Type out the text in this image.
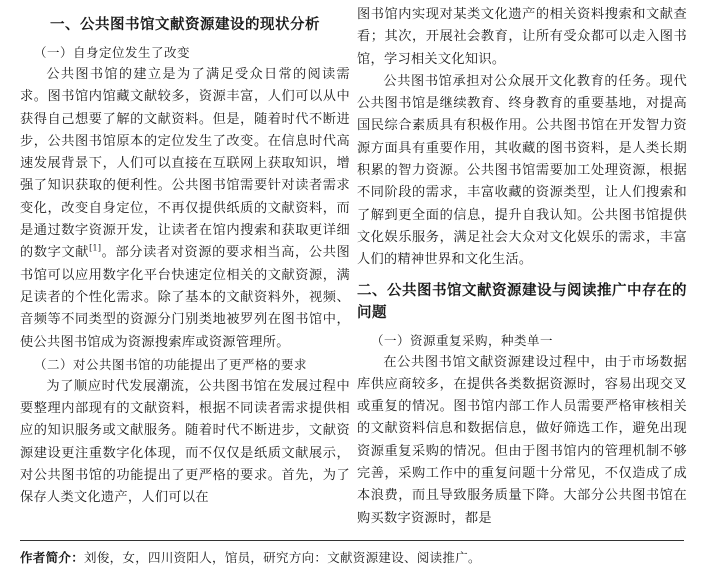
一、公共图书馆文献资源建设的现状分析
（一）自身定位发生了改变

公共图书馆的建立是为了满足受众日常的阅读需求。图书馆内馆藏文献较多，资源丰富，人们可以从中获得自己想要了解的文献资料。但是，随着时代不断进步，公共图书馆原本的定位发生了改变。在信息时代高速发展背景下，人们可以直接在互联网上获取知识，增强了知识获取的便利性。公共图书馆需要针对读者需求变化，改变自身定位，不再仅提供纸质的文献资料，而是通过数字资源开发，让读者在馆内搜索和获取更详细的数字文献[1]。部分读者对资源的要求相当高，公共图书馆可以应用数字化平台快速定位相关的文献资源，满足读者的个性化需求。除了基本的文献资料外，视频、音频等不同类型的资源分门别类地被罗列在图书馆中，使公共图书馆成为资源搜索库或资源管理所。

（二）对公共图书馆的功能提出了更严格的要求

为了顺应时代发展潮流，公共图书馆在发展过程中要整理内部现有的文献资料，根据不同读者需求提供相应的知识服务或文献服务。随着时代不断进步，文献资源建设更注重数字化体现，而不仅仅是纸质文献展示，对公共图书馆的功能提出了更严格的要求。首先，为了保存人类文化遗产，人们可以在

图书馆内实现对某类文化遗产的相关资料搜索和文献查看；其次，开展社会教育，让所有受众都可以走入图书馆，学习相关文化知识。

公共图书馆承担对公众展开文化教育的任务。现代公共图书馆是继续教育、终身教育的重要基地，对提高国民综合素质具有积极作用。公共图书馆在开发智力资源方面具有重要作用，其收藏的图书资料，是人类长期积累的智力资源。公共图书馆需要加工处理资源，根据不同阶段的需求，丰富收藏的资源类型，让人们搜索和了解到更全面的信息，提升自我认知。公共图书馆提供文化娱乐服务，满足社会大众对文化娱乐的需求，丰富人们的精神世界和文化生活。

二、公共图书馆文献资源建设与阅读推广中存在的问题
（一）资源重复采购，种类单一

在公共图书馆文献资源建设过程中，由于市场数据库供应商较多，在提供各类数据资源时，容易出现交叉或重复的情况。图书馆内部工作人员需要严格审核相关的文献资料信息和数据信息，做好筛选工作，避免出现资源重复采购的情况。但由于图书馆内的管理机制不够完善，采购工作中的重复问题十分常见，不仅造成了成本浪费，而且导致服务质量下降。大部分公共图书馆在购买数字资源时，都是

作者简介：刘俊，女，四川资阳人，馆员，研究方向：文献资源建设、阅读推广。
